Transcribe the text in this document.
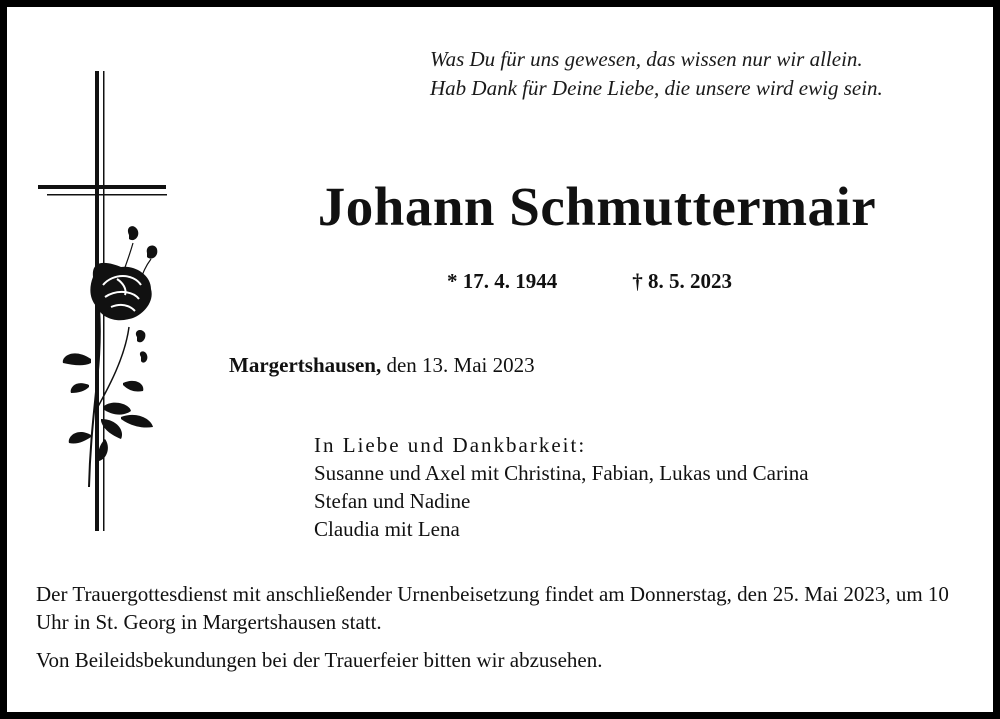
Was Du für uns gewesen, das wissen nur wir allein.
Hab Dank für Deine Liebe, die unsere wird ewig sein.
Johann Schmuttermair
* 17. 4. 1944	† 8. 5. 2023
Margertshausen, den 13. Mai 2023
In Liebe und Dankbarkeit:
Susanne und Axel mit Christina, Fabian, Lukas und Carina
Stefan und Nadine
Claudia mit Lena

Der Trauergottesdienst mit anschließender Urnenbeisetzung findet am Donnerstag, den 25. Mai 2023, um 10 Uhr in St. Georg in Margertshausen statt.

Von Beileidsbekundungen bei der Trauerfeier bitten wir abzusehen.
